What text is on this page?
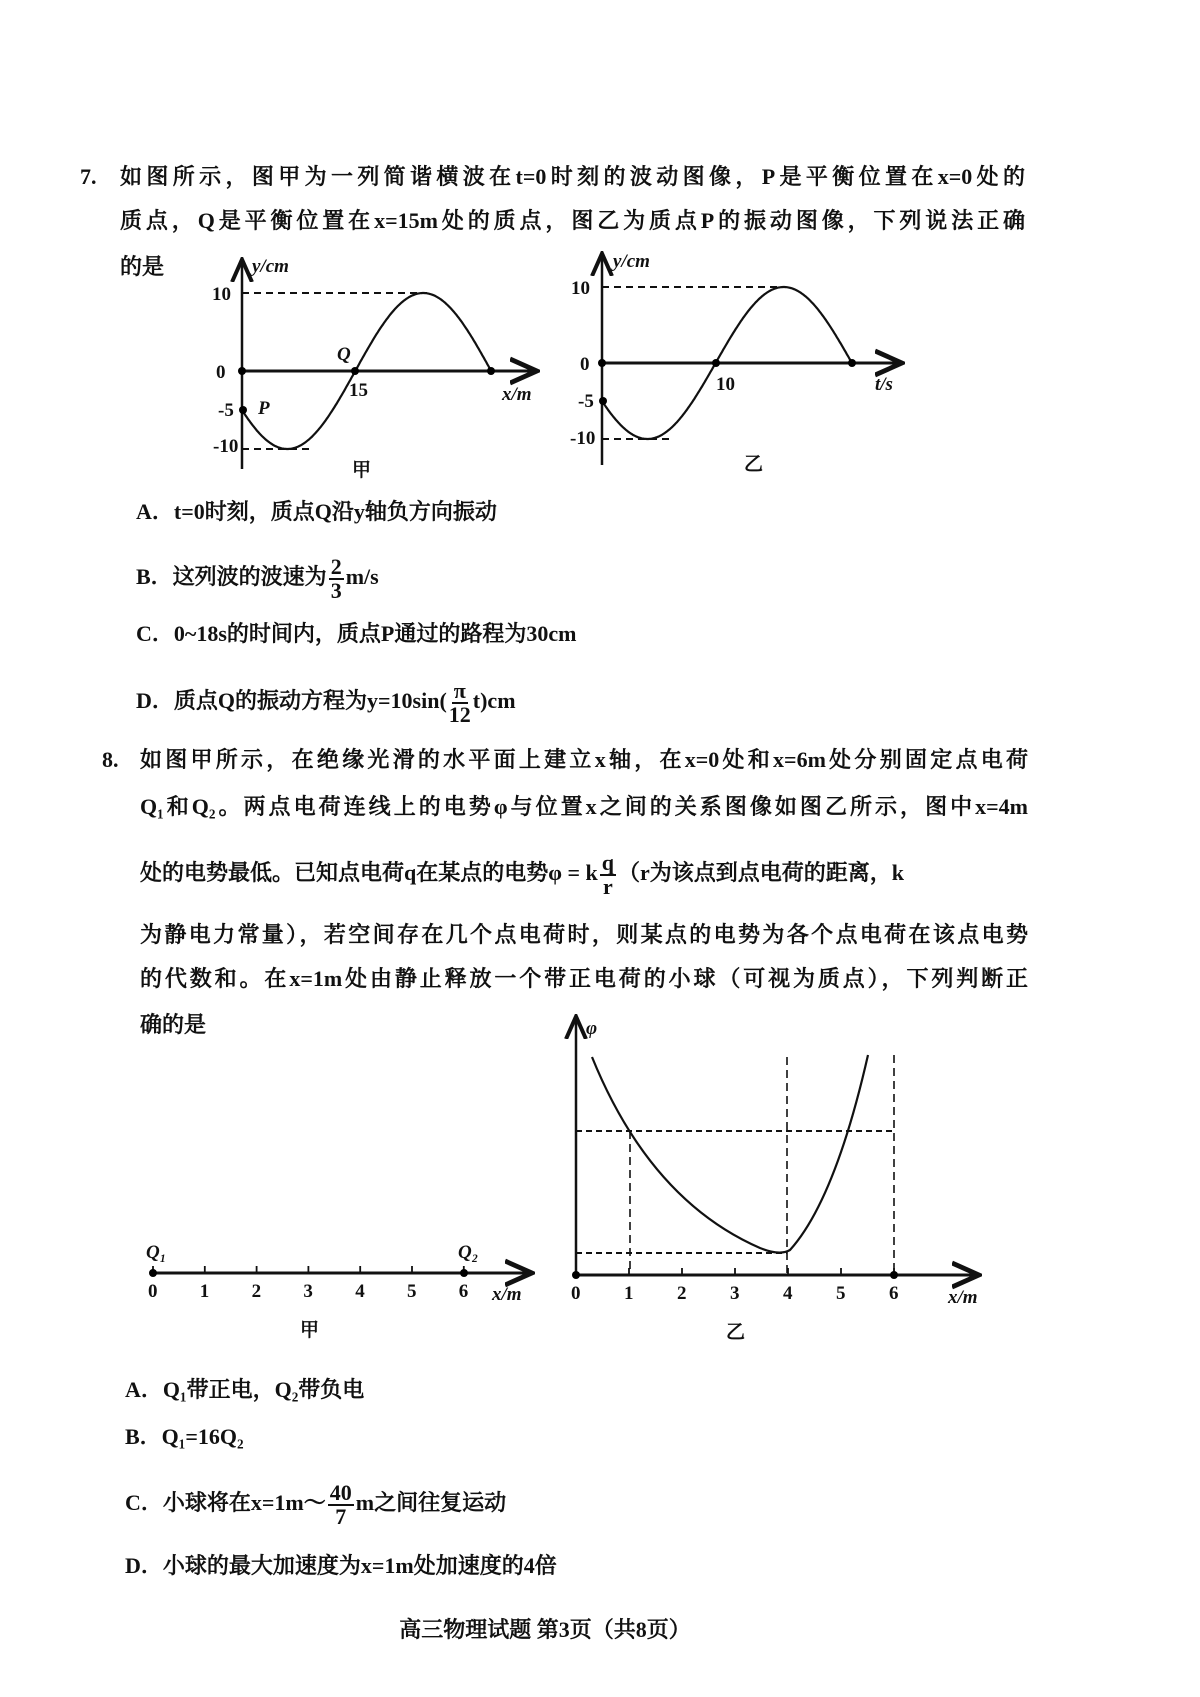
7. 如图所示，图甲为一列简谐横波在t=0时刻的波动图像，P是平衡位置在x=0处的
质点，Q是平衡位置在x=15m处的质点，图乙为质点P的振动图像，下列说法正确
的是
A．t=0时刻，质点Q沿y轴负方向振动
B．这列波的波速为 $\frac{2}{3} m/s$
C．0~18s的时间内，质点P通过的路程为30cm
D．质点Q的振动方程为$y=10\sin( \frac{\pi}{12} t)cm$
8. 如图甲所示，在绝缘光滑的水平面上建立x轴，在x=0处和x=6m处分别固定点电荷
Q₁和Q₂。两点电荷连线上的电势φ与位置x之间的关系图像如图乙所示，图中x=4m
处的电势最低。已知点电荷q在某点的电势φ = k $\frac{q}{r} (r$为该点到点电荷的距离，k
为静电力常量），若空间存在几个点电荷时，则某点的电势为各个点电荷在该点电势
的代数和。在x=1m处由静止释放一个带正电荷的小球（可视为质点），下列判断正
确的是
A．Q₁带正电，Q₂带负电
B．Q₁=16Q₂
C．小球将在x=1m～ $\frac{40}{7}$ m之间往复运动
D．小球的最大加速度为x=1m处加速度的4倍
高三物理试题 第3页（共8页）
y/cm
10
0
-5
-10
15
Q
P
x/m
甲
y/cm
10
0
-5
-10
10	t/s
乙
0 1 2 3 4 5 6
Q₁	Q₂
x/m
甲
0 1 2 3 4 5 6
φ
x/m
乙
